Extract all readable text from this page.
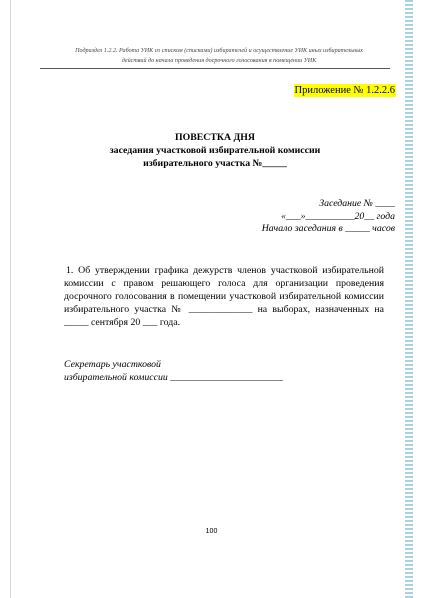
Подраздел 1.2.2. Работа УИК со списком (списками) избирателей и осуществление УИК иных избирательных
действий до начала проведения досрочного голосования в помещении УИК
Приложение № 1.2.2.6
ПОВЕСТКА ДНЯ
заседания участковой избирательной комиссии
избирательного участка №_____
Заседание № ____
«___»__________20__ года
Начало заседания в _____ часов
1. Об утверждении графика дежурств членов участковой избирательной комиссии с правом решающего голоса для организации проведения досрочного голосования в помещении участковой избирательной комиссии избирательного участка № _____________ на выборах, назначенных на _____ сентября 20 ___ года.
Секретарь участковой
избирательной комиссии _______________________
100
